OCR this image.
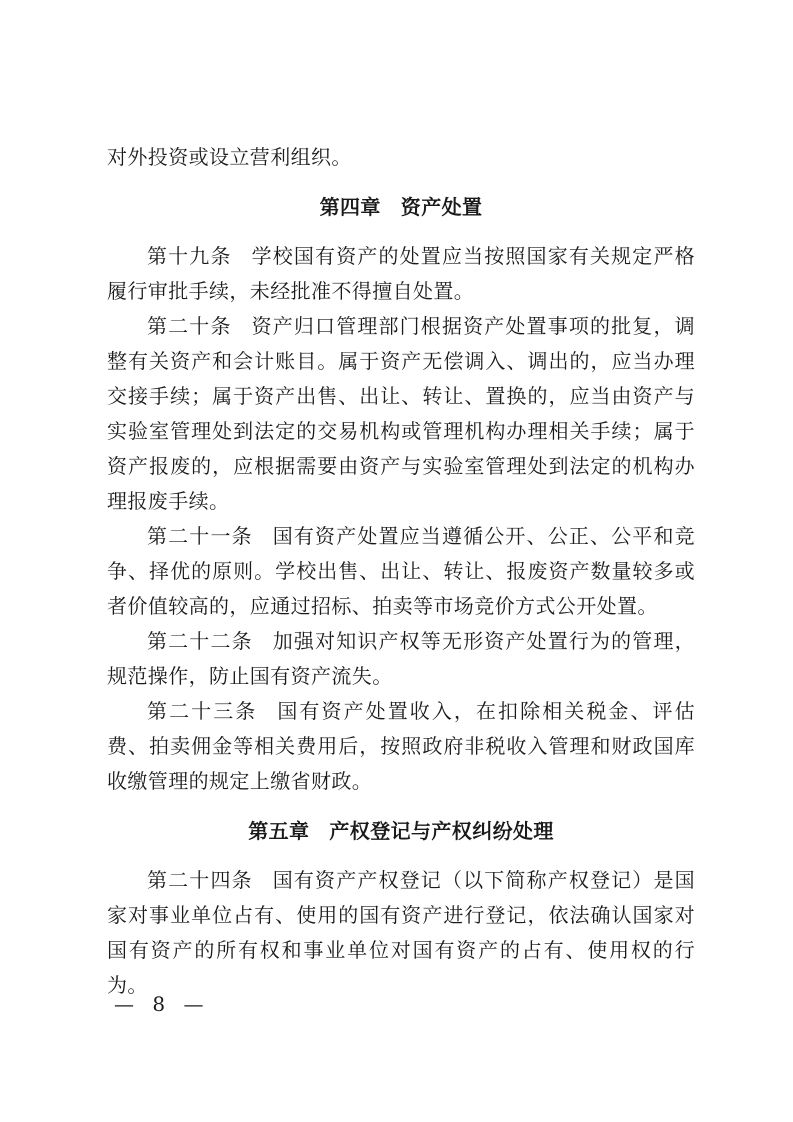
对外投资或设立营利组织。

第四章 资产处置

第十九条 学校国有资产的处置应当按照国家有关规定严格履行审批手续，未经批准不得擅自处置。

第二十条 资产归口管理部门根据资产处置事项的批复，调整有关资产和会计账目。属于资产无偿调入、调出的，应当办理交接手续；属于资产出售、出让、转让、置换的，应当由资产与实验室管理处到法定的交易机构或管理机构办理相关手续；属于资产报废的，应根据需要由资产与实验室管理处到法定的机构办理报废手续。

第二十一条 国有资产处置应当遵循公开、公正、公平和竞争、择优的原则。学校出售、出让、转让、报废资产数量较多或者价值较高的，应通过招标、拍卖等市场竞价方式公开处置。

第二十二条 加强对知识产权等无形资产处置行为的管理，规范操作，防止国有资产流失。

第二十三条 国有资产处置收入，在扣除相关税金、评估费、拍卖佣金等相关费用后，按照政府非税收入管理和财政国库收缴管理的规定上缴省财政。

第五章 产权登记与产权纠纷处理

第二十四条 国有资产产权登记（以下简称产权登记）是国家对事业单位占有、使用的国有资产进行登记，依法确认国家对国有资产的所有权和事业单位对国有资产的占有、使用权的行为。

— 8 —
